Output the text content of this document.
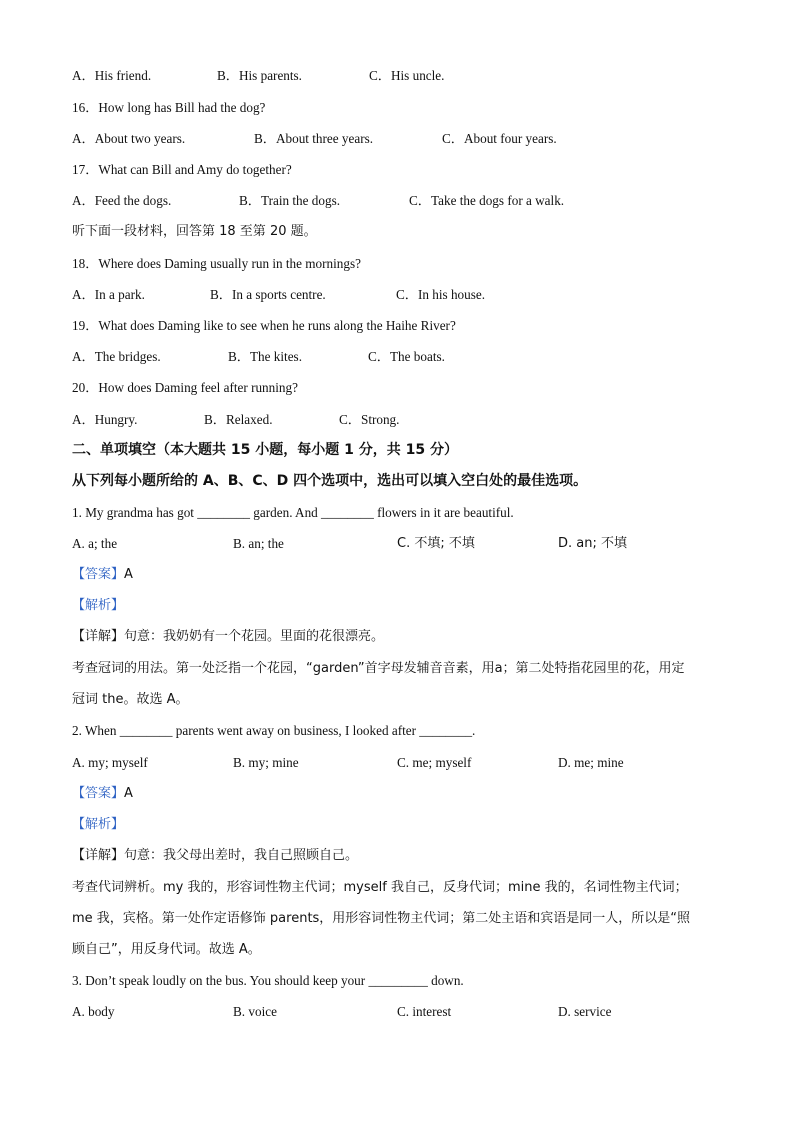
A．His friend.	B．His parents.	C．His uncle.
16．How long has Bill had the dog?
A．About two years.	B．About three years.	C．About four years.
17．What can Bill and Amy do together?
A．Feed the dogs.	B．Train the dogs.	C．Take the dogs for a walk.
听下面一段材料，回答第 18 至第 20 题。
18．Where does Daming usually run in the mornings?
A．In a park.	B．In a sports centre.	C．In his house.
19．What does Daming like to see when he runs along the Haihe River?
A．The bridges.	B．The kites.	C．The boats.
20．How does Daming feel after running?
A．Hungry.	B．Relaxed.	C．Strong.
二、单项填空（本大题共 15 小题，每小题 1 分，共 15 分）
从下列每小题所给的 A、B、C、D 四个选项中，选出可以填入空白处的最佳选项。
1. My grandma has got ________ garden. And ________ flowers in it are beautiful.
A. a; the	B. an; the	C. 不填; 不填	D. an; 不填
【答案】A
【解析】
【详解】句意：我奶奶有一个花园。里面的花很漂亮。
考查冠词的用法。第一处泛指一个花园，“garden”首字母发辅音音素，用a；第二处特指花园里的花，用定
冠词 the。故选 A。
2. When ________ parents went away on business, I looked after ________.
A. my; myself	B. my; mine	C. me; myself	D. me; mine
【答案】A
【解析】
【详解】句意：我父母出差时，我自己照顾自己。
考查代词辨析。my 我的，形容词性物主代词；myself 我自己，反身代词；mine 我的，名词性物主代词；
me 我，宾格。第一处作定语修饰 parents，用形容词性物主代词；第二处主语和宾语是同一人，所以是“照
顾自己”，用反身代词。故选 A。
3. Don’t speak loudly on the bus. You should keep your _________ down.
A. body	B. voice	C. interest	D. service
